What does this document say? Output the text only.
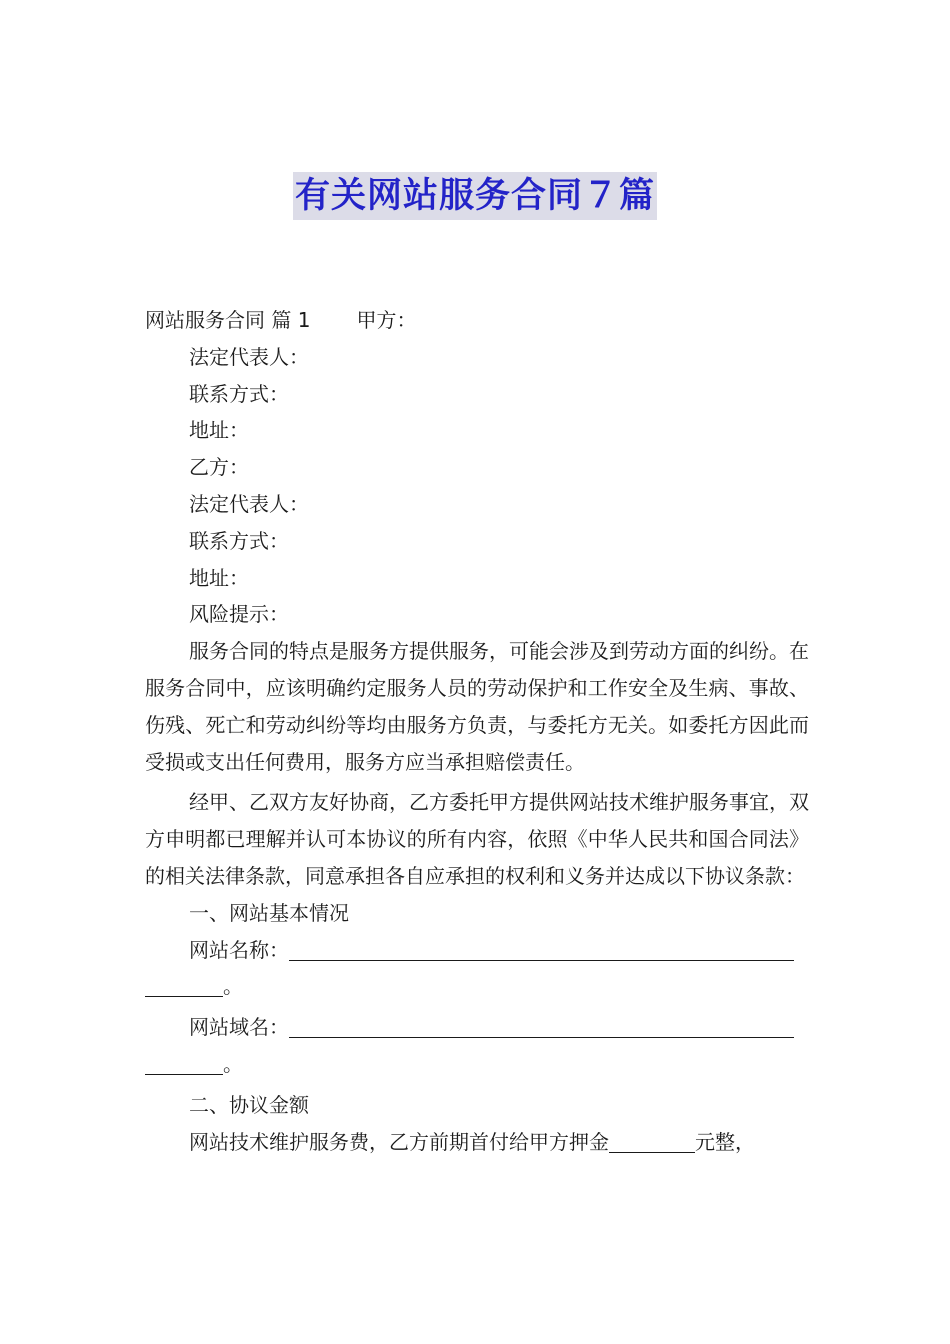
有关网站服务合同７篇
网站服务合同 篇 1 甲方：
法定代表人：
联系方式：
地址：
乙方：
法定代表人：
联系方式：
地址：
风险提示：
服务合同的特点是服务方提供服务，可能会涉及到劳动方面的纠纷。在服务合同中，应该明确约定服务人员的劳动保护和工作安全及生病、事故、伤残、死亡和劳动纠纷等均由服务方负责，与委托方无关。如委托方因此而受损或支出任何费用，服务方应当承担赔偿责任。
经甲、乙双方友好协商，乙方委托甲方提供网站技术维护服务事宜，双方申明都已理解并认可本协议的所有内容，依照《中华人民共和国合同法》的相关法律条款，同意承担各自应承担的权利和义务并达成以下协议条款：
一、网站基本情况
网站名称：
。
网站域名：
。
二、协议金额
网站技术维护服务费，乙方前期首付给甲方押金	元整，
